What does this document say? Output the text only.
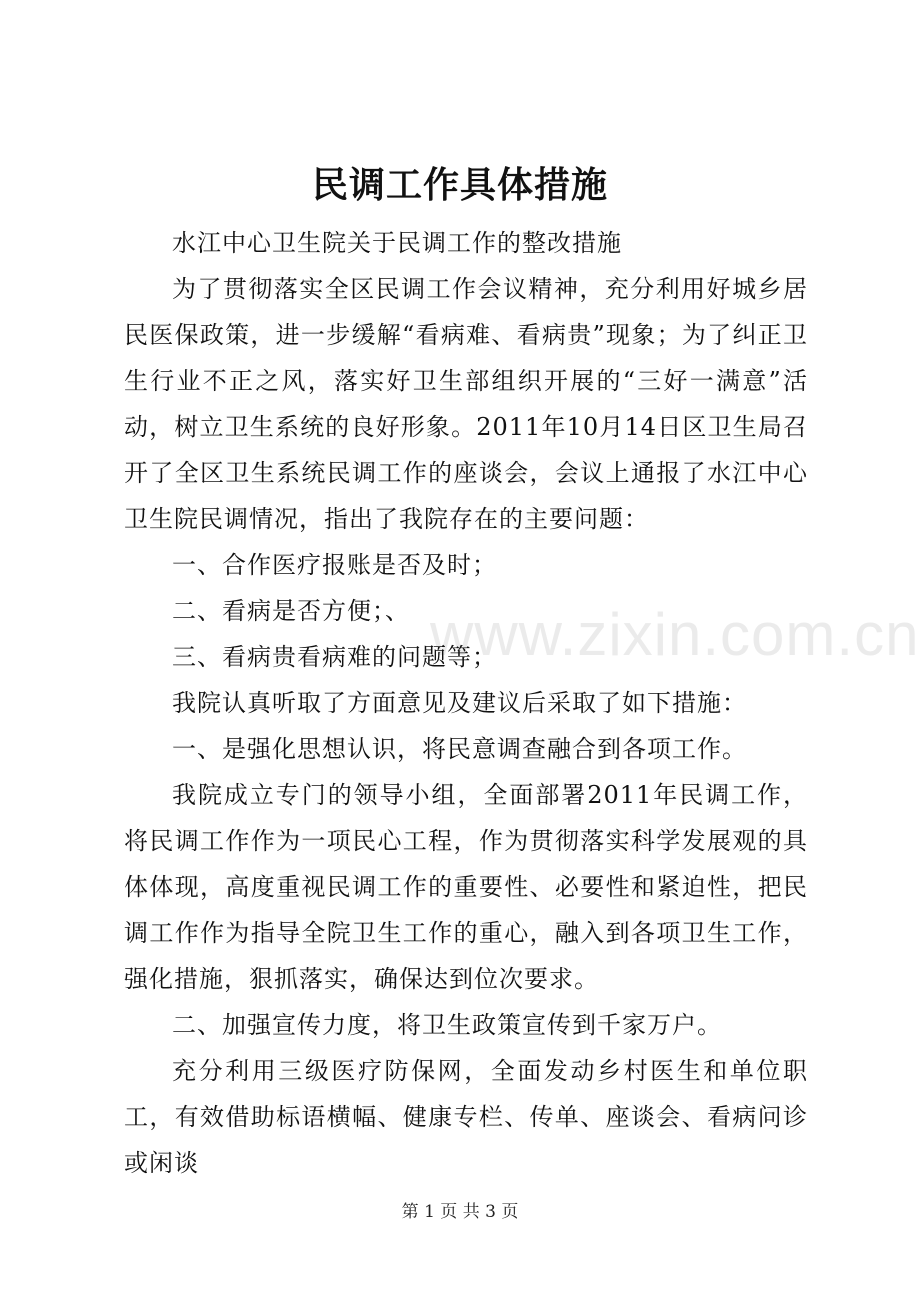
www.zixin.com.cn
民调工作具体措施

水江中心卫生院关于民调工作的整改措施

为了贯彻落实全区民调工作会议精神，充分利用好城乡居民医保政策，进一步缓解“看病难、看病贵”现象；为了纠正卫生行业不正之风，落实好卫生部组织开展的“三好一满意”活动，树立卫生系统的良好形象。2011年10月14日区卫生局召开了全区卫生系统民调工作的座谈会，会议上通报了水江中心卫生院民调情况，指出了我院存在的主要问题：

一、合作医疗报账是否及时；

二、看病是否方便；、

三、看病贵看病难的问题等；

我院认真听取了方面意见及建议后采取了如下措施：

一、是强化思想认识，将民意调查融合到各项工作。

我院成立专门的领导小组，全面部署2011年民调工作，将民调工作作为一项民心工程，作为贯彻落实科学发展观的具体体现，高度重视民调工作的重要性、必要性和紧迫性，把民调工作作为指导全院卫生工作的重心，融入到各项卫生工作，强化措施，狠抓落实，确保达到位次要求。

二、加强宣传力度，将卫生政策宣传到千家万户。

充分利用三级医疗防保网，全面发动乡村医生和单位职工，有效借助标语横幅、健康专栏、传单、座谈会、看病问诊或闲谈

第 1 页 共 3 页
